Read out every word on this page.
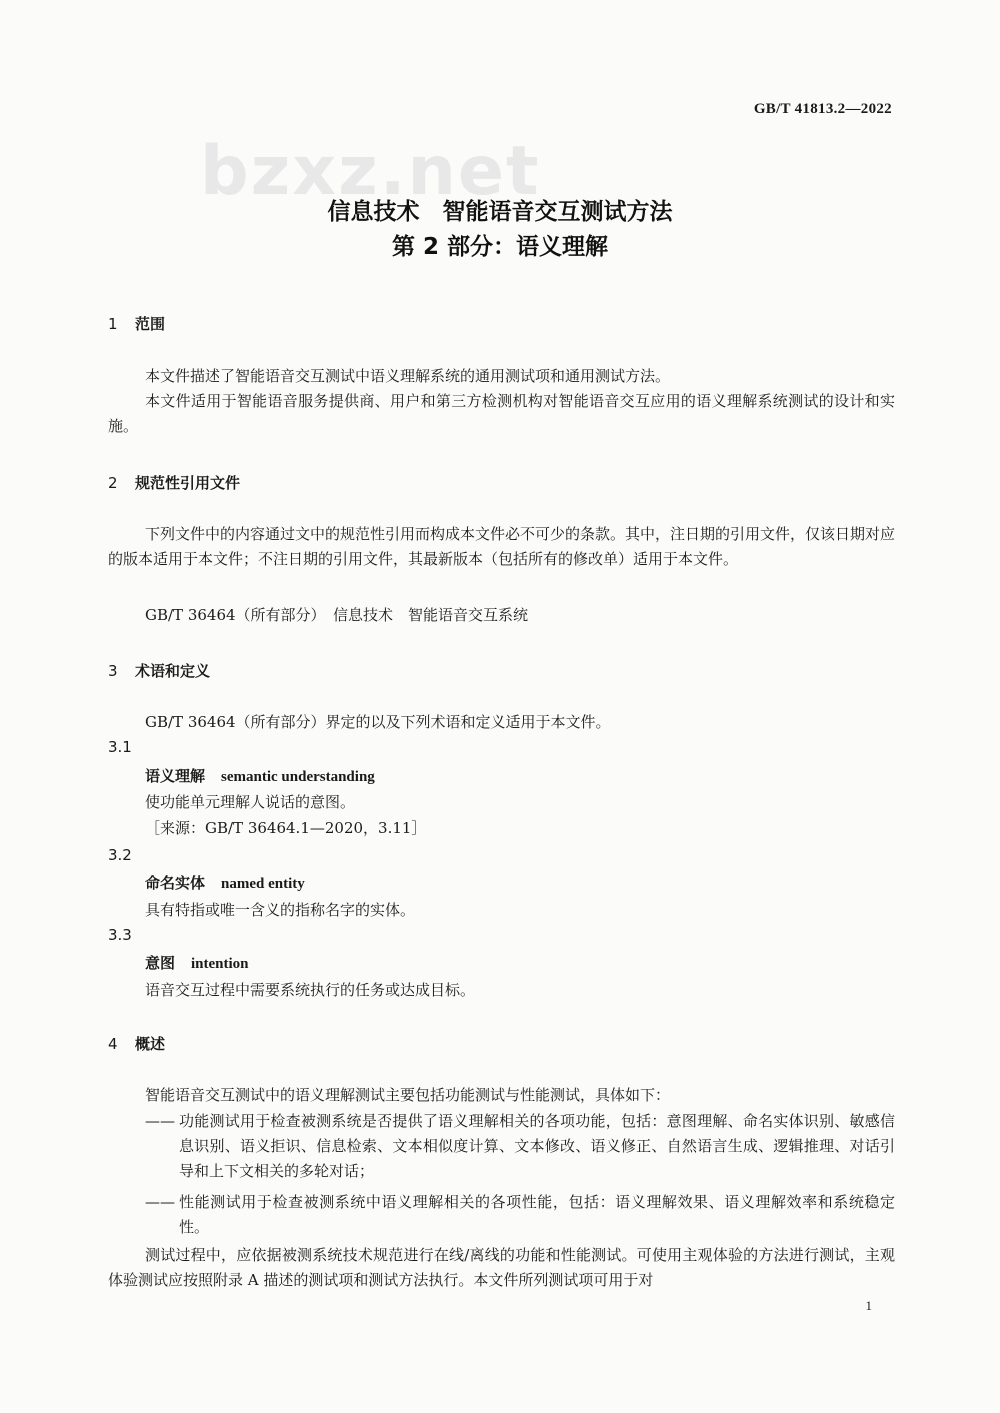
bzxz.net
GB/T 41813.2—2022
信息技术　智能语音交互测试方法
第 2 部分：语义理解
1 范围
本文件描述了智能语音交互测试中语义理解系统的通用测试项和通用测试方法。
本文件适用于智能语音服务提供商、用户和第三方检测机构对智能语音交互应用的语义理解系统测试的设计和实施。
2 规范性引用文件
下列文件中的内容通过文中的规范性引用而构成本文件必不可少的条款。其中，注日期的引用文件，仅该日期对应的版本适用于本文件；不注日期的引用文件，其最新版本（包括所有的修改单）适用于本文件。
GB/T 36464（所有部分）　信息技术　智能语音交互系统
3 术语和定义
GB/T 36464（所有部分）界定的以及下列术语和定义适用于本文件。
3.1
语义理解 semantic understanding
使功能单元理解人说话的意图。
［来源：GB/T 36464.1—2020，3.11］
3.2
命名实体 named entity
具有特指或唯一含义的指称名字的实体。
3.3
意图 intention
语音交互过程中需要系统执行的任务或达成目标。
4 概述
智能语音交互测试中的语义理解测试主要包括功能测试与性能测试，具体如下：
—— 功能测试用于检查被测系统是否提供了语义理解相关的各项功能，包括：意图理解、命名实体识别、敏感信息识别、语义拒识、信息检索、文本相似度计算、文本修改、语义修正、自然语言生成、逻辑推理、对话引导和上下文相关的多轮对话；
—— 性能测试用于检查被测系统中语义理解相关的各项性能，包括：语义理解效果、语义理解效率和系统稳定性。
测试过程中，应依据被测系统技术规范进行在线/离线的功能和性能测试。可使用主观体验的方法进行测试，主观体验测试应按照附录 A 描述的测试项和测试方法执行。本文件所列测试项可用于对
1
